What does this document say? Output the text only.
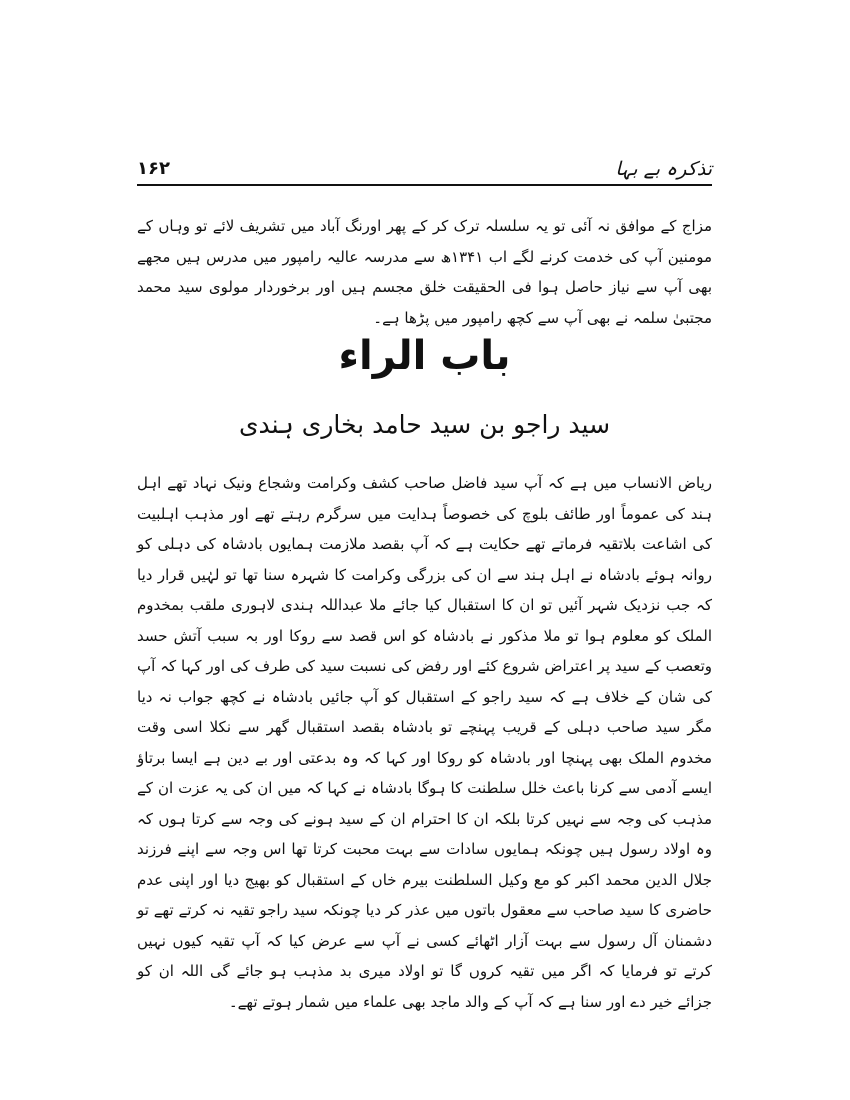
تذکرہ بے بہا
۱۶۲

مزاج کے موافق نہ آئی تو یہ سلسلہ ترک کر کے پھر اورنگ آباد میں تشریف لائے تو وہاں کے مومنین آپ کی خدمت کرنے لگے اب ۱۳۴۱ھ سے مدرسہ عالیہ رامپور میں مدرس ہیں مجھے بھی آپ سے نیاز حاصل ہوا فی الحقیقت خلق مجسم ہیں اور برخوردار مولوی سید محمد مجتبیٰ سلمہ نے بھی آپ سے کچھ رامپور میں پڑھا ہے۔

باب الراء
سید راجو بن سید حامد بخاری ہندی

ریاض الانساب میں ہے کہ آپ سید فاضل صاحب کشف وکرامت وشجاع ونیک نہاد تھے اہل ہند کی عموماً اور طائف بلوچ کی خصوصاً ہدایت میں سرگرم رہتے تھے اور مذہب اہلبیت کی اشاعت بلاتقیہ فرماتے تھے حکایت ہے کہ آپ بقصد ملازمت ہمایوں بادشاہ کی دہلی کو روانہ ہوئے بادشاہ نے اہل ہند سے ان کی بزرگی وکرامت کا شہرہ سنا تھا تو لہٰیں قرار دیا کہ جب نزدیک شہر آئیں تو ان کا استقبال کیا جائے ملا عبداللہ ہندی لاہوری ملقب بمخدوم الملک کو معلوم ہوا تو ملا مذکور نے بادشاہ کو اس قصد سے روکا اور بہ سبب آتش حسد وتعصب کے سید پر اعتراض شروع کئے اور رفض کی نسبت سید کی طرف کی اور کہا کہ آپ کی شان کے خلاف ہے کہ سید راجو کے استقبال کو آپ جائیں بادشاہ نے کچھ جواب نہ دیا مگر سید صاحب دہلی کے قریب پہنچے تو بادشاہ بقصد استقبال گھر سے نکلا اسی وقت مخدوم الملک بھی پہنچا اور بادشاہ کو روکا اور کہا کہ وہ بدعتی اور بے دین ہے ایسا برتاؤ ایسے آدمی سے کرنا باعث خلل سلطنت کا ہوگا بادشاہ نے کہا کہ میں ان کی یہ عزت ان کے مذہب کی وجہ سے نہیں کرتا بلکہ ان کا احترام ان کے سید ہونے کی وجہ سے کرتا ہوں کہ وہ اولاد رسول ہیں چونکہ ہمایوں سادات سے بہت محبت کرتا تھا اس وجہ سے اپنے فرزند جلال الدین محمد اکبر کو مع وکیل السلطنت بیرم خاں کے استقبال کو بھیج دیا اور اپنی عدم حاضری کا سید صاحب سے معقول باتوں میں عذر کر دیا چونکہ سید راجو تقیہ نہ کرتے تھے تو دشمنان آل رسول سے بہت آزار اٹھائے کسی نے آپ سے عرض کیا کہ آپ تقیہ کیوں نہیں کرتے تو فرمایا کہ اگر میں تقیہ کروں گا تو اولاد میری بد مذہب ہو جائے گی اللہ ان کو جزائے خیر دے اور سنا ہے کہ آپ کے والد ماجد بھی علماء میں شمار ہوتے تھے۔
